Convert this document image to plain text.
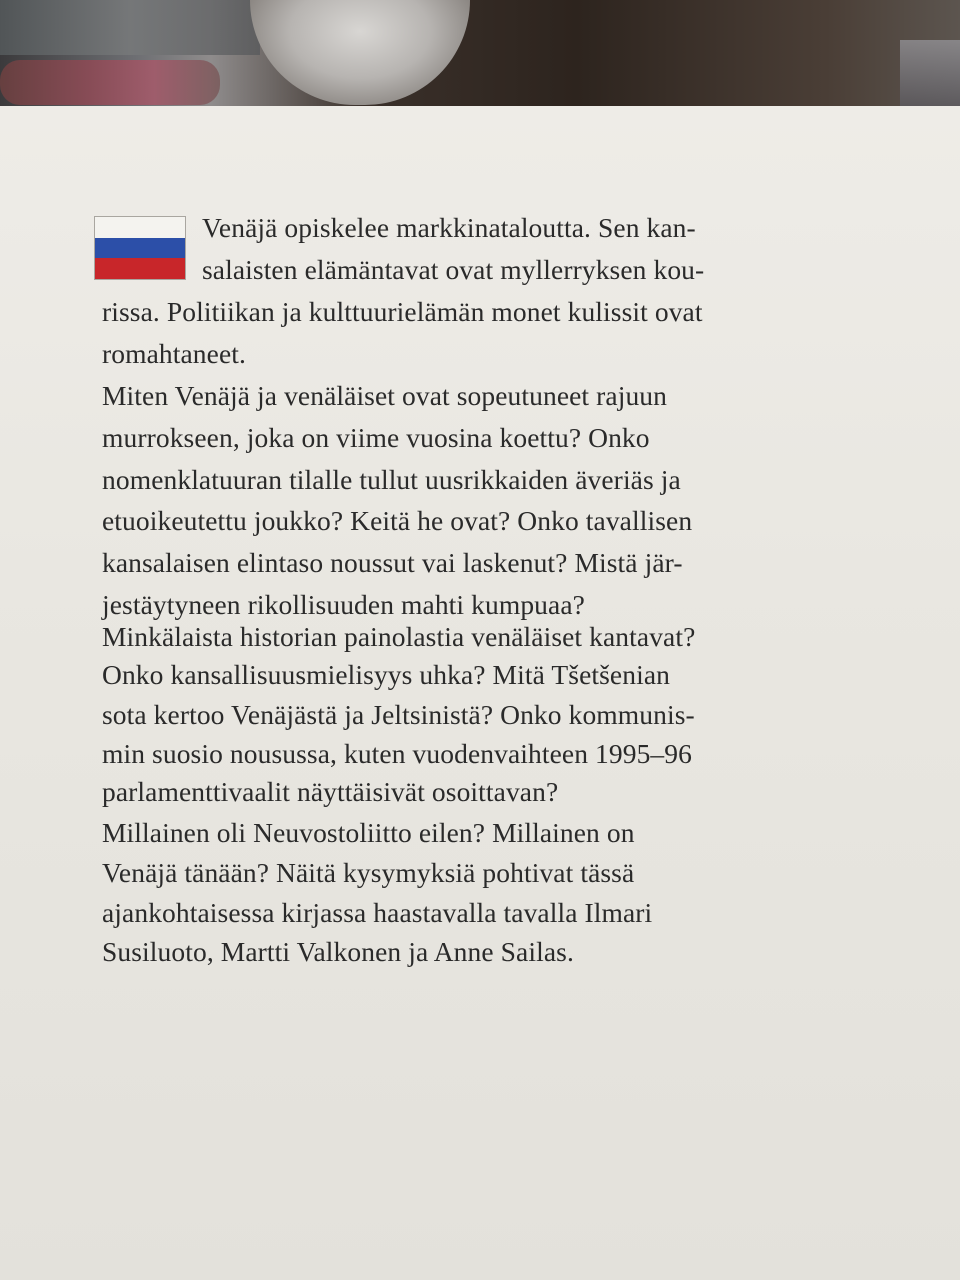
Venäjä opiskelee markkinataloutta. Sen kan-
salaisten elämäntavat ovat myllerryksen kou-
rissa. Politiikan ja kulttuurielämän monet kulissit ovat
romahtaneet.
Miten Venäjä ja venäläiset ovat sopeutuneet rajuun
murrokseen, joka on viime vuosina koettu? Onko
nomenklatuuran tilalle tullut uusrikkaiden äveriäs ja
etuoikeutettu joukko? Keitä he ovat? Onko tavallisen
kansalaisen elintaso noussut vai laskenut? Mistä jär-
jestäytyneen rikollisuuden mahti kumpuaa?
Minkälaista historian painolastia venäläiset kantavat?
Onko kansallisuusmielisyys uhka? Mitä Tšetšenian
sota kertoo Venäjästä ja Jeltsinistä? Onko kommunis-
min suosio nousussa, kuten vuodenvaihteen 1995–96
parlamenttivaalit näyttäisivät osoittavan?
Millainen oli Neuvostoliitto eilen? Millainen on
Venäjä tänään? Näitä kysymyksiä pohtivat tässä
ajankohtaisessa kirjassa haastavalla tavalla Ilmari
Susiluoto, Martti Valkonen ja Anne Sailas.
